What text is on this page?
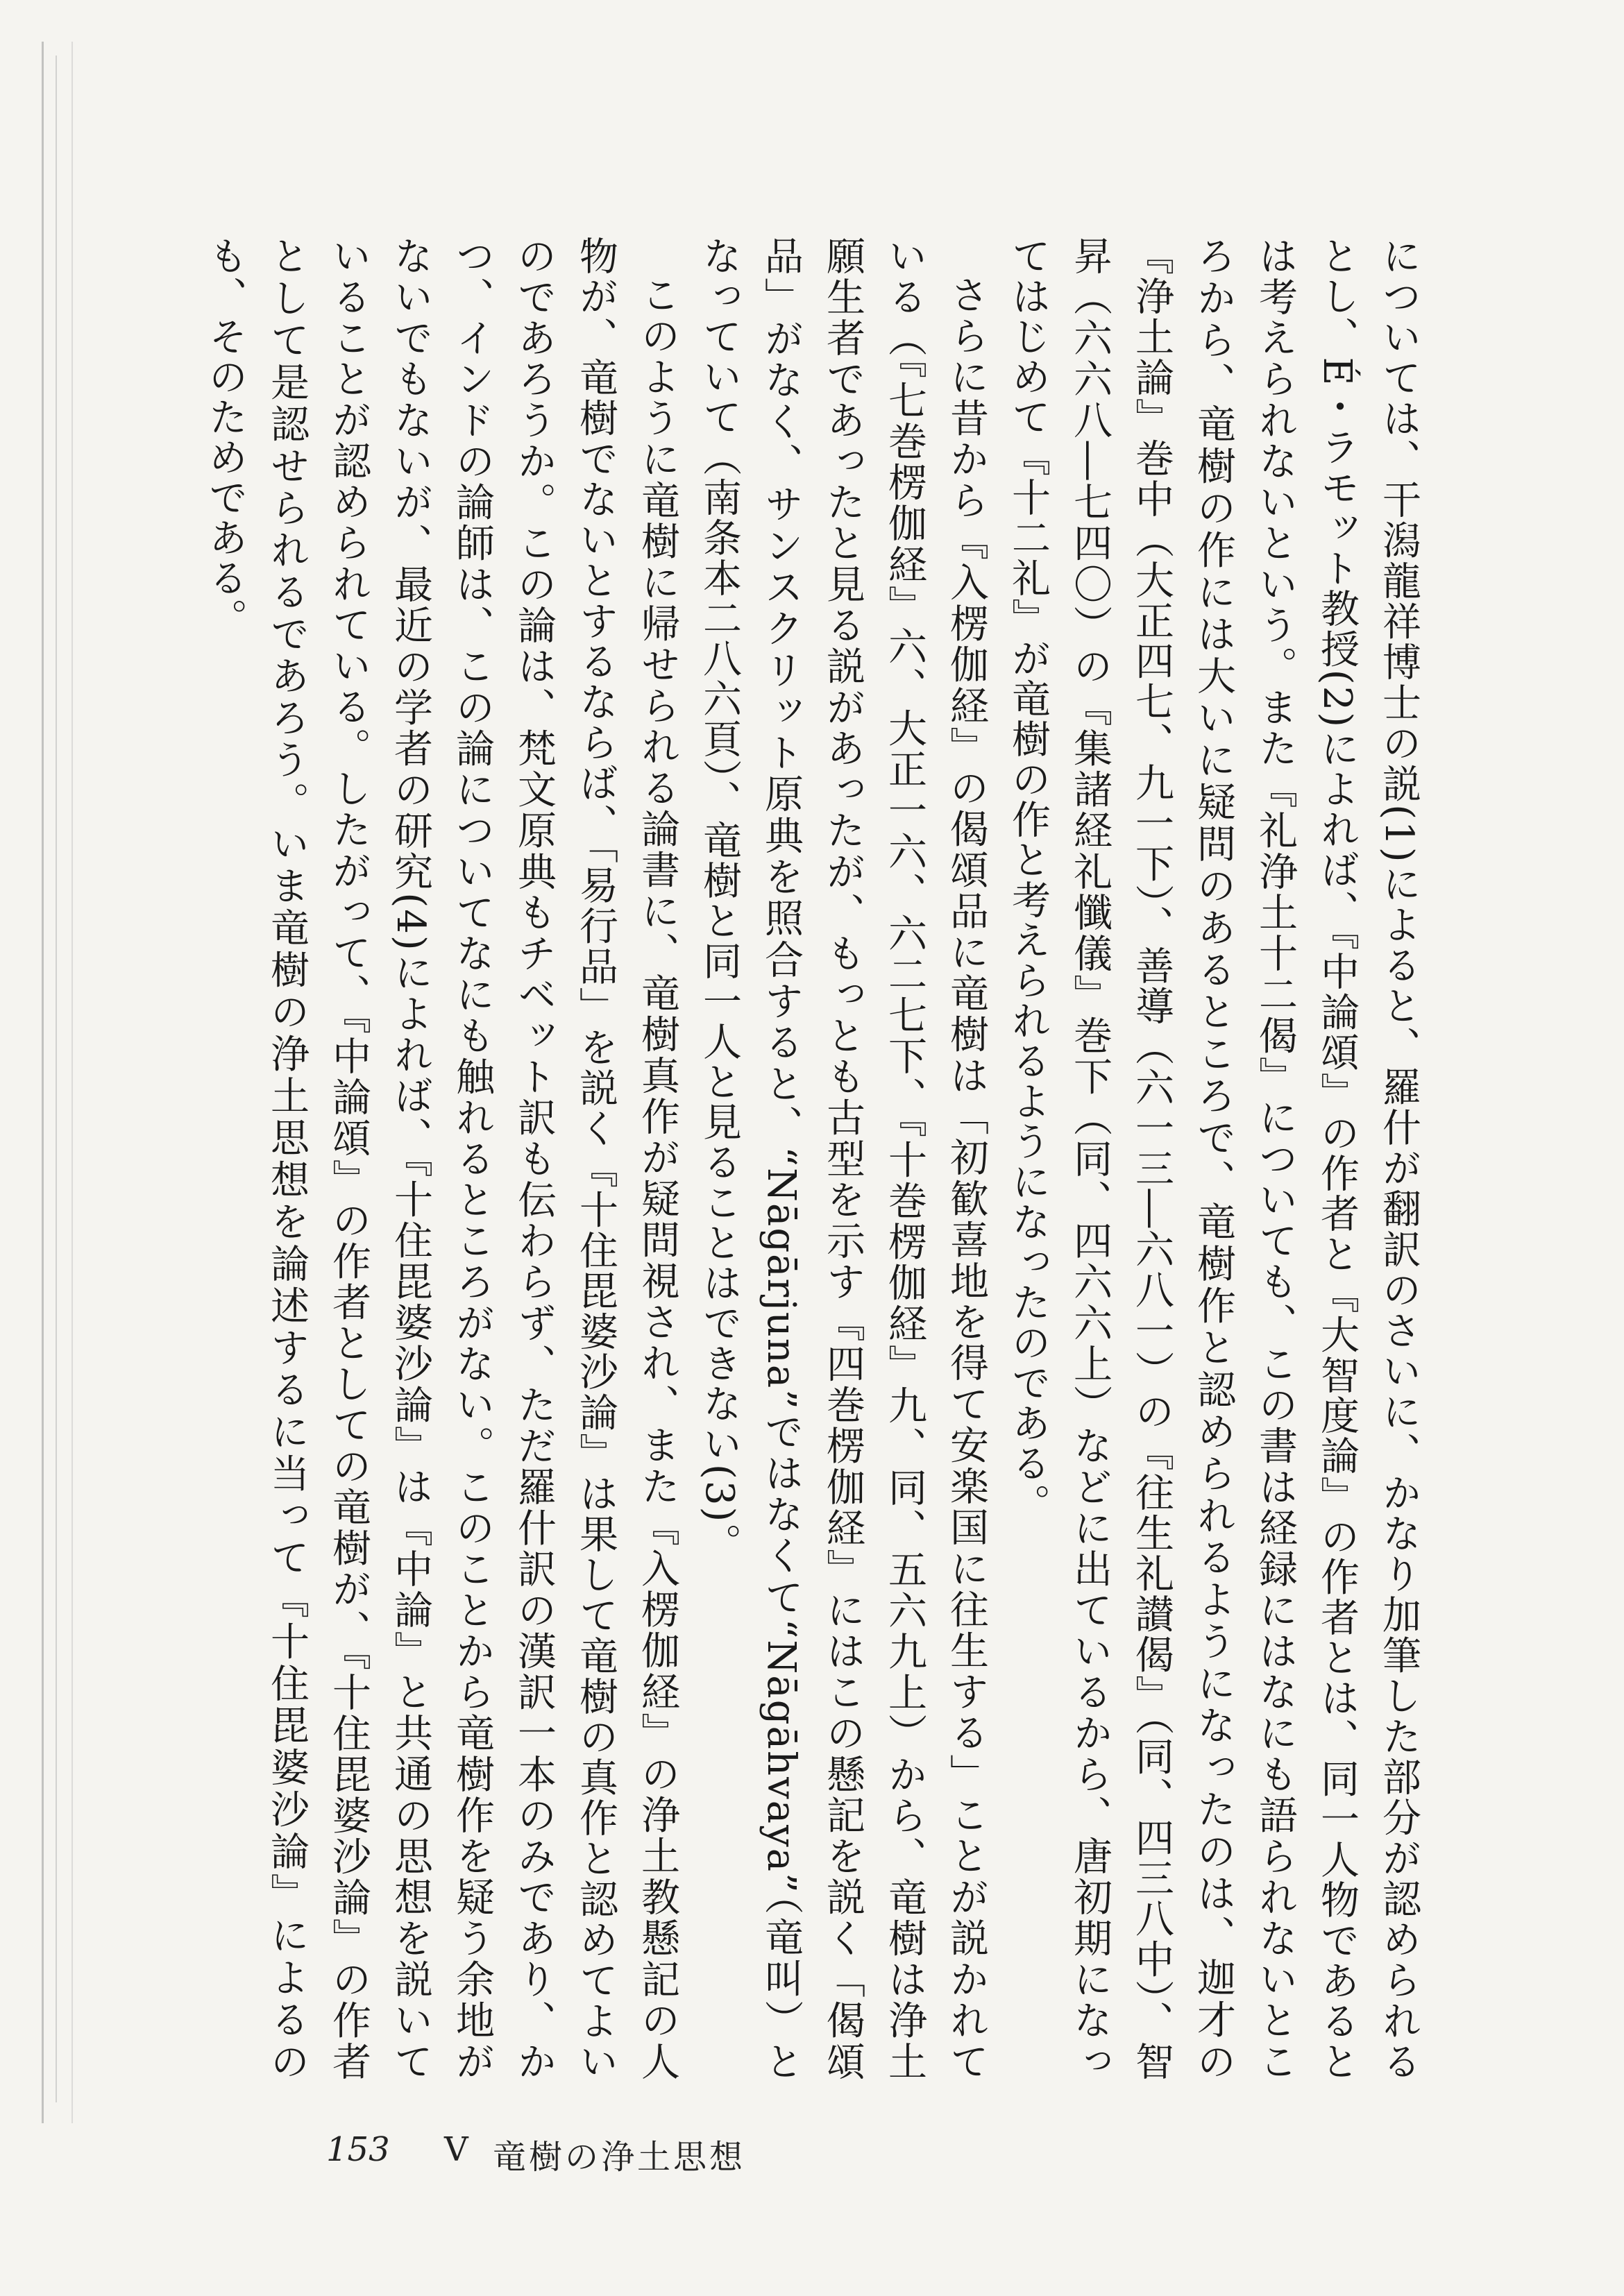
については、干潟龍祥博士の説(1)によると、羅什が翻訳のさいに、かなり加筆した部分が認められるとし、É・ラモット教授(2)によれば、『中論頌』の作者と『大智度論』の作者とは、同一人物であるとは考えられないという。また『礼浄土十二偈』についても、この書は経録にはなにも語られないところから、竜樹の作には大いに疑問のあるところで、竜樹作と認められるようになったのは、迦才の『浄土論』巻中（大正四七、九一下）、善導（六一三―六八一）の『往生礼讃偈』（同、四三八中）、智昇（六六八―七四〇）の『集諸経礼懺儀』巻下（同、四六六上）などに出ているから、唐初期になってはじめて『十二礼』が竜樹の作と考えられるようになったのである。

さらに昔から『入楞伽経』の偈頌品に竜樹は「初歓喜地を得て安楽国に往生する」ことが説かれている（『七巻楞伽経』六、大正一六、六二七下、『十巻楞伽経』九、同、五六九上）から、竜樹は浄土願生者であったと見る説があったが、もっとも古型を示す『四巻楞伽経』にはこの懸記を説く「偈頌品」がなく、サンスクリット原典を照合すると、“Nāgārjuna”ではなくて“Nāgāhvaya”（竜叫）となっていて（南条本二八六頁）、竜樹と同一人と見ることはできない(3)。

このように竜樹に帰せられる論書に、竜樹真作が疑問視され、また『入楞伽経』の浄土教懸記の人物が、竜樹でないとするならば、「易行品」を説く『十住毘婆沙論』は果して竜樹の真作と認めてよいのであろうか。この論は、梵文原典もチベット訳も伝わらず、ただ羅什訳の漢訳一本のみであり、かつ、インドの論師は、この論についてなにも触れるところがない。このことから竜樹作を疑う余地がないでもないが、最近の学者の研究(4)によれば、『十住毘婆沙論』は『中論』と共通の思想を説いていることが認められている。したがって、『中論頌』の作者としての竜樹が、『十住毘婆沙論』の作者として是認せられるであろう。いま竜樹の浄土思想を論述するに当って『十住毘婆沙論』によるのも、そのためである。

153 V 竜樹の浄土思想
